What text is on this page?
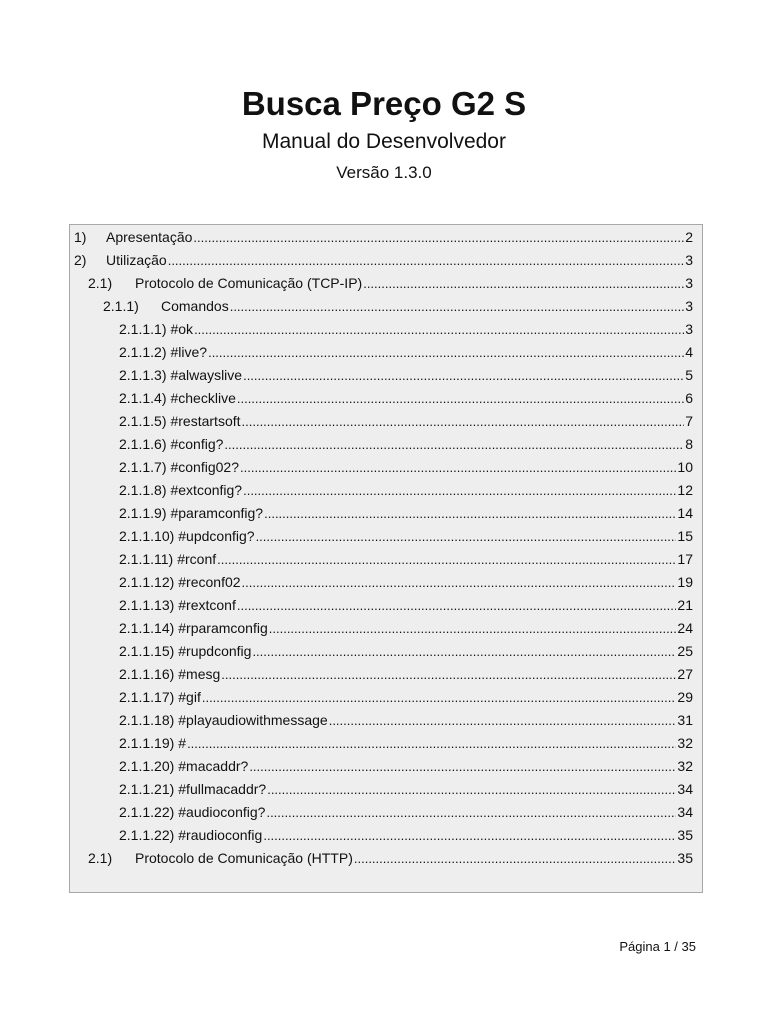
Busca Preço G2 S
Manual do Desenvolvedor
Versão 1.3.0
1)	Apresentação .....	2
2)	Utilização .....	3
2.1)	Protocolo de Comunicação (TCP-IP) .....	3
2.1.1)	Comandos .....	3
2.1.1.1) #ok .....	3
2.1.1.2) #live? .....	4
2.1.1.3) #alwayslive .....	5
2.1.1.4) #checklive .....	6
2.1.1.5) #restartsoft .....	7
2.1.1.6) #config? .....	8
2.1.1.7) #config02? .....	10
2.1.1.8) #extconfig? .....	12
2.1.1.9) #paramconfig? .....	14
2.1.1.10) #updconfig? .....	15
2.1.1.11) #rconf .....	17
2.1.1.12) #reconf02 .....	19
2.1.1.13) #rextconf .....	21
2.1.1.14) #rparamconfig .....	24
2.1.1.15) #rupdconfig .....	25
2.1.1.16) #mesg .....	27
2.1.1.17) #gif .....	29
2.1.1.18) #playaudiowithmessage .....	31
2.1.1.19) # .....	32
2.1.1.20) #macaddr? .....	32
2.1.1.21) #fullmacaddr? .....	34
2.1.1.22) #audioconfig? .....	34
2.1.1.22) #raudioconfig .....	35
2.1)	Protocolo de Comunicação (HTTP) .....	35
Página 1 / 35
